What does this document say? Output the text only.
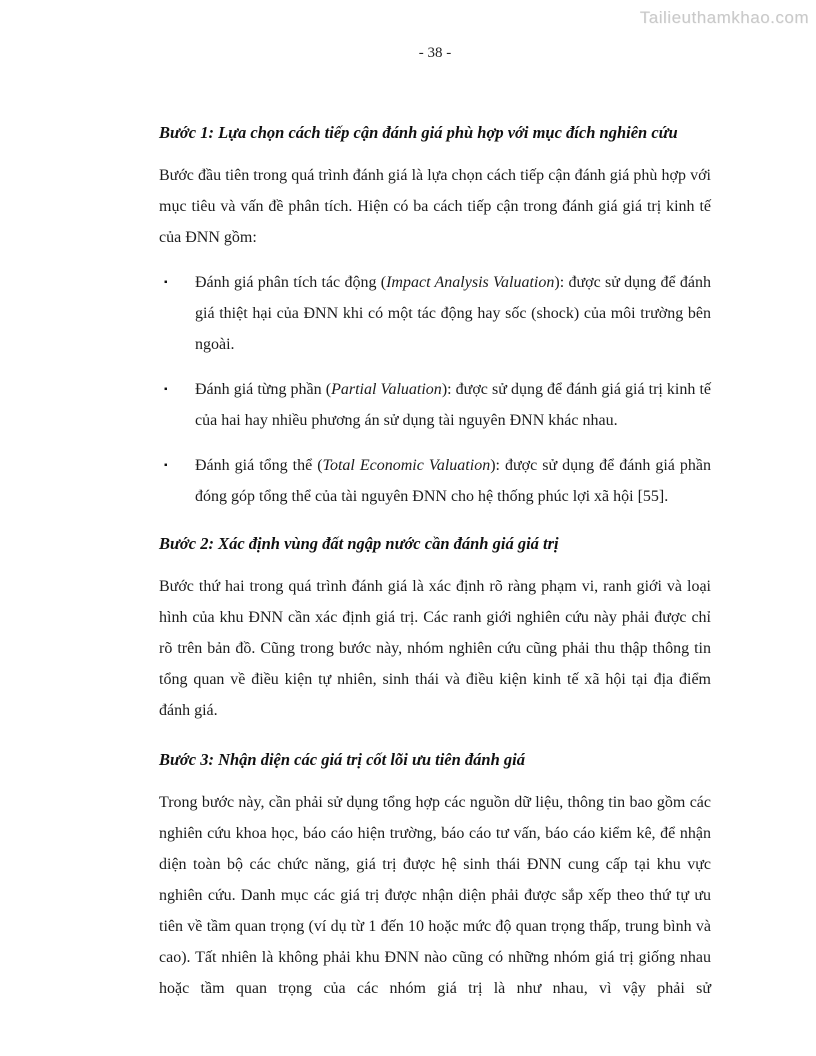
Tailieuthamkhao.com
- 38 -
Bước 1: Lựa chọn cách tiếp cận đánh giá phù hợp với mục đích nghiên cứu
Bước đầu tiên trong quá trình đánh giá là lựa chọn cách tiếp cận đánh giá phù hợp với mục tiêu và vấn đề phân tích. Hiện có ba cách tiếp cận trong đánh giá giá trị kinh tế của ĐNN gồm:
▪	Đánh giá phân tích tác động (Impact Analysis Valuation): được sử dụng để đánh giá thiệt hại của ĐNN khi có một tác động hay sốc (shock) của môi trường bên ngoài.
▪	Đánh giá từng phần (Partial Valuation): được sử dụng để đánh giá giá trị kinh tế của hai hay nhiều phương án sử dụng tài nguyên ĐNN khác nhau.
▪	Đánh giá tổng thể (Total Economic Valuation): được sử dụng để đánh giá phần đóng góp tổng thể của tài nguyên ĐNN cho hệ thống phúc lợi xã hội [55].
Bước 2: Xác định vùng đất ngập nước cần đánh giá giá trị
Bước thứ hai trong quá trình đánh giá là xác định rõ ràng phạm vi, ranh giới và loại hình của khu ĐNN cần xác định giá trị. Các ranh giới nghiên cứu này phải được chỉ rõ trên bản đồ. Cũng trong bước này, nhóm nghiên cứu cũng phải thu thập thông tin tổng quan về điều kiện tự nhiên, sinh thái và điều kiện kinh tế xã hội tại địa điểm đánh giá.
Bước 3: Nhận diện các giá trị cốt lõi ưu tiên đánh giá
Trong bước này, cần phải sử dụng tổng hợp các nguồn dữ liệu, thông tin bao gồm các nghiên cứu khoa học, báo cáo hiện trường, báo cáo tư vấn, báo cáo kiểm kê, để nhận diện toàn bộ các chức năng, giá trị được hệ sinh thái ĐNN cung cấp tại khu vực nghiên cứu. Danh mục các giá trị được nhận diện phải được sắp xếp theo thứ tự ưu tiên về tầm quan trọng (ví dụ từ 1 đến 10 hoặc mức độ quan trọng thấp, trung bình và cao). Tất nhiên là không phải khu ĐNN nào cũng có những nhóm giá trị giống nhau hoặc tầm quan trọng của các nhóm giá trị là như nhau, vì vậy phải sử
